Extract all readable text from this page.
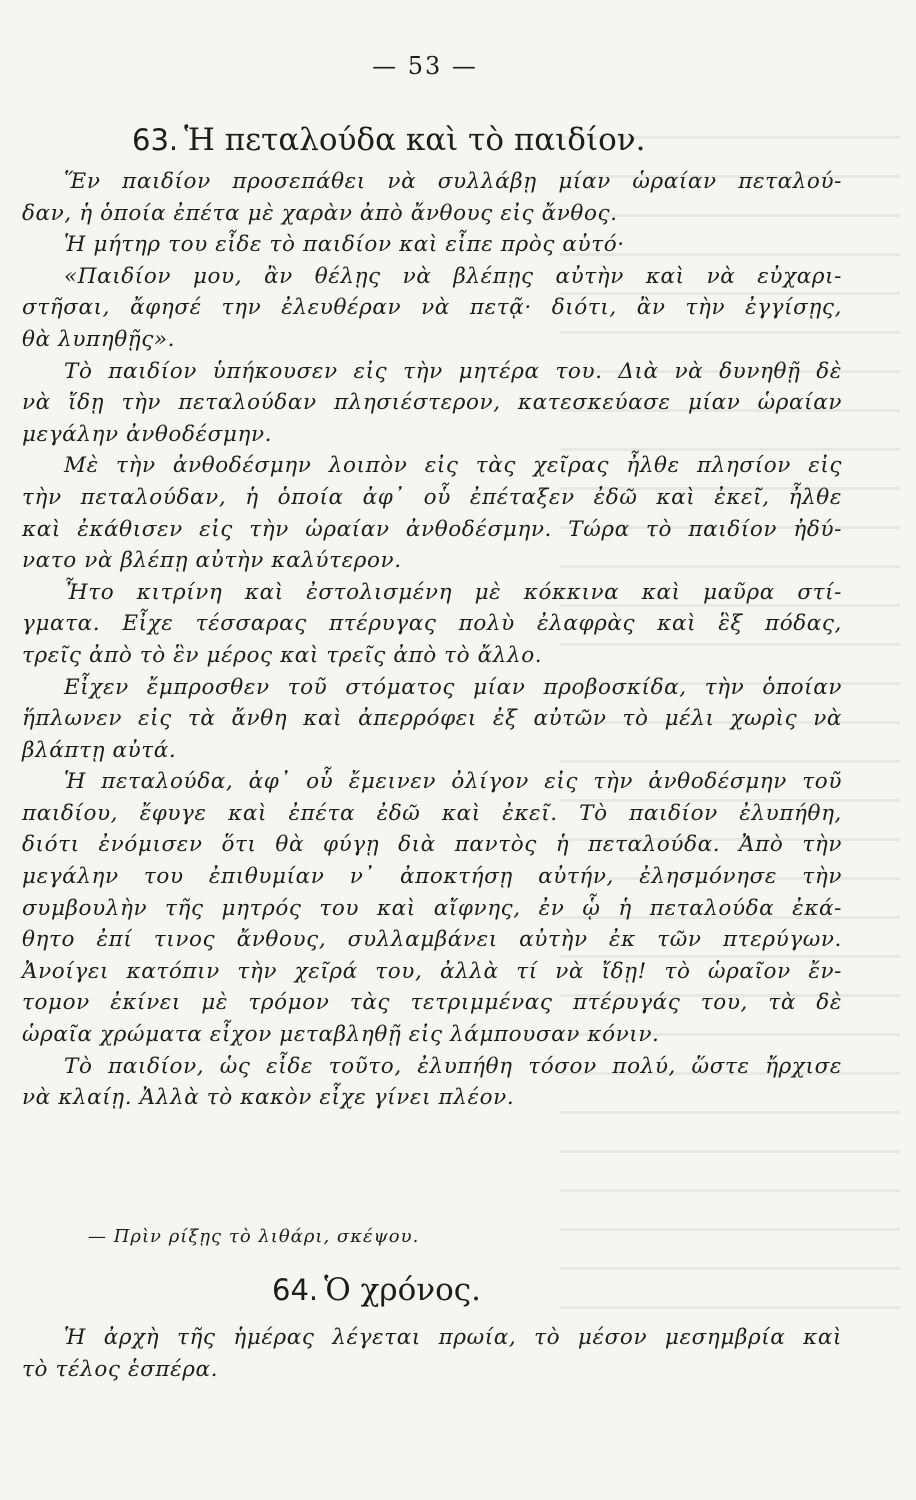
— 53 —
63. Ἡ πεταλούδα καὶ τὸ παιδίον.
Ἕν παιδίον προσεπάθει νὰ συλλάβῃ μίαν ὡραίαν πεταλού-
δαν, ἡ ὁποία ἐπέτα μὲ χαρὰν ἀπὸ ἄνθους εἰς ἄνθος.
Ἡ μήτηρ του εἶδε τὸ παιδίον καὶ εἶπε πρὸς αὐτό·
«Παιδίον μου, ἂν θέλῃς νὰ βλέπῃς αὐτὴν καὶ νὰ εὐχαρι-
στῆσαι, ἄφησέ την ἐλευθέραν νὰ πετᾷ· διότι, ἂν τὴν ἐγγίσῃς,
θὰ λυπηθῇς».
Τὸ παιδίον ὑπήκουσεν εἰς τὴν μητέρα του. Διὰ νὰ δυνηθῇ δὲ
νὰ ἴδῃ τὴν πεταλούδαν πλησιέστερον, κατεσκεύασε μίαν ὡραίαν
μεγάλην ἀνθοδέσμην.
Μὲ τὴν ἀνθοδέσμην λοιπὸν εἰς τὰς χεῖρας ἦλθε πλησίον εἰς
τὴν πεταλούδαν, ἡ ὁποία ἀφ᾽ οὗ ἐπέταξεν ἐδῶ καὶ ἐκεῖ, ἦλθε
καὶ ἐκάθισεν εἰς τὴν ὡραίαν ἀνθοδέσμην. Τώρα τὸ παιδίον ἠδύ-
νατο νὰ βλέπῃ αὐτὴν καλύτερον.
Ἦτο κιτρίνη καὶ ἐστολισμένη μὲ κόκκινα καὶ μαῦρα στί-
γματα. Εἶχε τέσσαρας πτέρυγας πολὺ ἐλαφρὰς καὶ ἓξ πόδας,
τρεῖς ἀπὸ τὸ ἓν μέρος καὶ τρεῖς ἀπὸ τὸ ἄλλο.
Εἶχεν ἔμπροσθεν τοῦ στόματος μίαν προβοσκίδα, τὴν ὁποίαν
ἥπλωνεν εἰς τὰ ἄνθη καὶ ἀπερρόφει ἐξ αὐτῶν τὸ μέλι χωρὶς νὰ
βλάπτῃ αὐτά.
Ἡ πεταλούδα, ἀφ᾽ οὗ ἔμεινεν ὀλίγον εἰς τὴν ἀνθοδέσμην τοῦ
παιδίου, ἔφυγε καὶ ἐπέτα ἐδῶ καὶ ἐκεῖ. Τὸ παιδίον ἐλυπήθη,
διότι ἐνόμισεν ὅτι θὰ φύγῃ διὰ παντὸς ἡ πεταλούδα. Ἀπὸ τὴν
μεγάλην του ἐπιθυμίαν ν᾽ ἀποκτήσῃ αὐτήν, ἐλησμόνησε τὴν
συμβουλὴν τῆς μητρός του καὶ αἴφνης, ἐν ᾧ ἡ πεταλούδα ἐκά-
θητο ἐπί τινος ἄνθους, συλλαμβάνει αὐτὴν ἐκ τῶν πτερύγων.
Ἀνοίγει κατόπιν τὴν χεῖρά του, ἀλλὰ τί νὰ ἴδῃ! τὸ ὡραῖον ἔν-
τομον ἐκίνει μὲ τρόμον τὰς τετριμμένας πτέρυγάς του, τὰ δὲ
ὡραῖα χρώματα εἶχον μεταβληθῇ εἰς λάμπουσαν κόνιν.
Τὸ παιδίον, ὡς εἶδε τοῦτο, ἐλυπήθη τόσον πολύ, ὥστε ἤρχισε
νὰ κλαίῃ. Ἀλλὰ τὸ κακὸν εἶχε γίνει πλέον.
— Πρὶν ρίξῃς τὸ λιθάρι, σκέψου.
64. Ὁ χρόνος.
Ἡ ἀρχὴ τῆς ἡμέρας λέγεται πρωία, τὸ μέσον μεσημβρία καὶ
τὸ τέλος ἑσπέρα.
